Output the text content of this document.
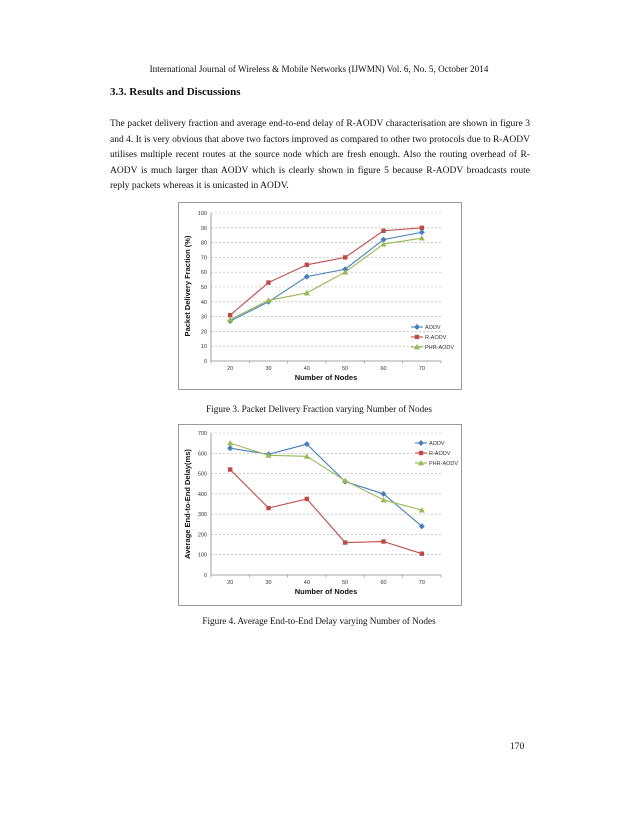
International Journal of Wireless & Mobile Networks (IJWMN) Vol. 6, No. 5, October 2014
3.3. Results and Discussions
The packet delivery fraction and average end-to-end delay of R-AODV characterisation are shown in figure 3 and 4. It is very obvious that above two factors improved as compared to other two protocols due to R-AODV utilises multiple recent routes at the source node which are fresh enough. Also the routing overhead of R-AODV is much larger than AODV which is clearly shown in figure 5 because R-AODV broadcasts route reply packets whereas it is unicasted in AODV.
0
10
20
30
40
50
60
70
80
90
100
20	30	40	50	60	70
Number of Nodes
Packet Delivery Fraction (%)	AODV
R-AODV
PHR-AODV
Figure 3. Packet Delivery Fraction varying Number of Nodes
0
100
200
300
400
500
600
700
20	30	40	50	60	70
Number of Nodes
Average End-to-End Delay(ms)
AODV
R-AODV
PHR-AODV
Figure 4. Average End-to-End Delay varying Number of Nodes
170
